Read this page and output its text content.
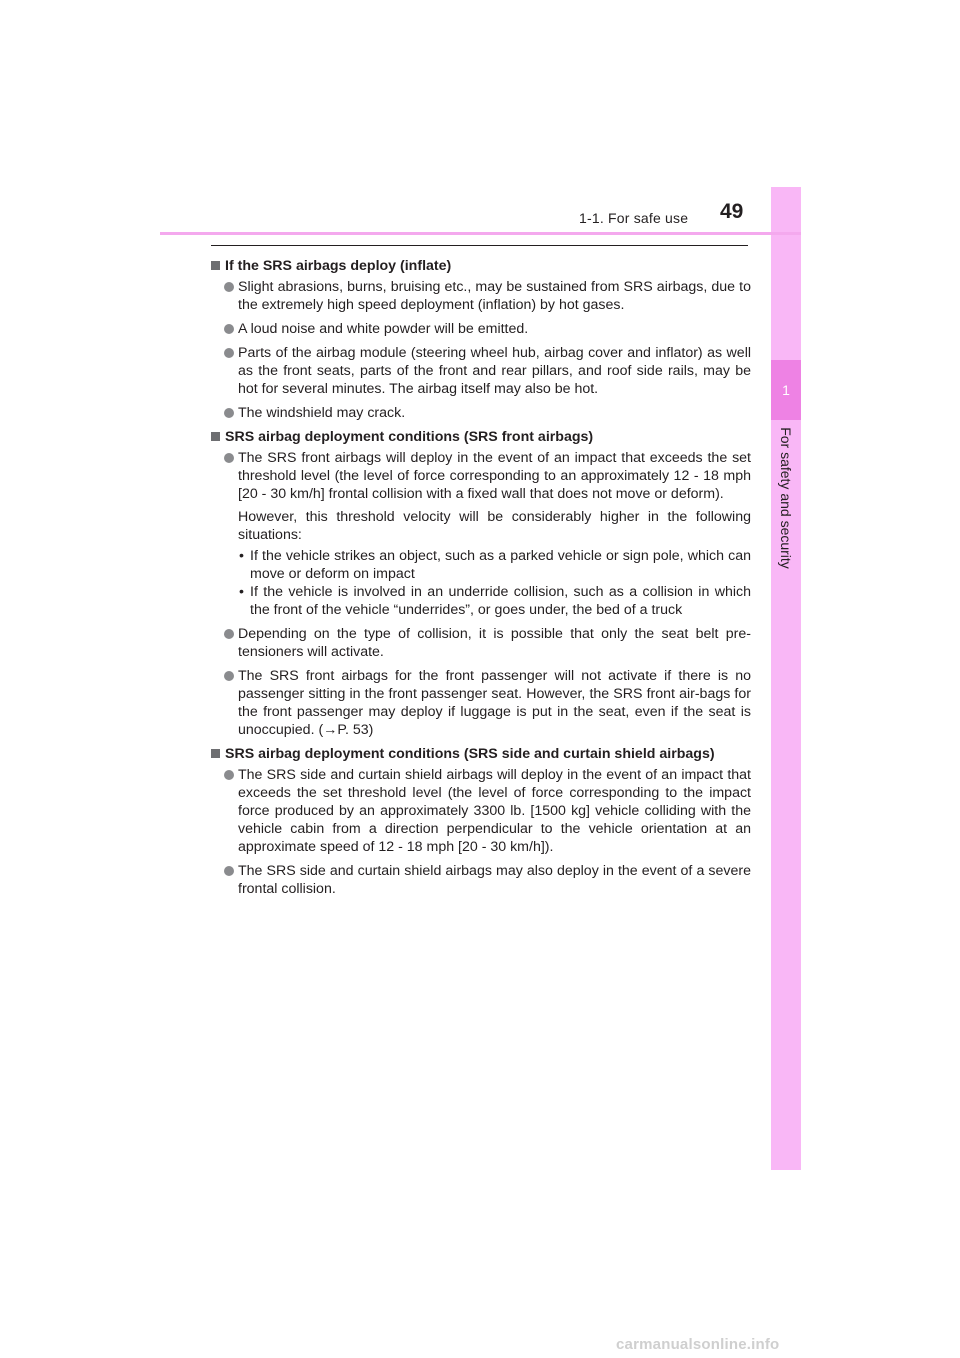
1
For safety and security
1-1. For safe use 49
If the SRS airbags deploy (inflate)
Slight abrasions, burns, bruising etc., may be sustained from SRS airbags, due to the extremely high speed deployment (inflation) by hot gases.
A loud noise and white powder will be emitted.
Parts of the airbag module (steering wheel hub, airbag cover and inflator) as well as the front seats, parts of the front and rear pillars, and roof side rails, may be hot for several minutes. The airbag itself may also be hot.
The windshield may crack.
SRS airbag deployment conditions (SRS front airbags)
The SRS front airbags will deploy in the event of an impact that exceeds the set threshold level (the level of force corresponding to an approximately 12 - 18 mph [20 - 30 km/h] frontal collision with a fixed wall that does not move or deform).
However, this threshold velocity will be considerably higher in the following situations:
• If the vehicle strikes an object, such as a parked vehicle or sign pole, which can move or deform on impact
• If the vehicle is involved in an underride collision, such as a collision in which the front of the vehicle “underrides”, or goes under, the bed of a truck
Depending on the type of collision, it is possible that only the seat belt pre-tensioners will activate.
The SRS front airbags for the front passenger will not activate if there is no passenger sitting in the front passenger seat. However, the SRS front air-bags for the front passenger may deploy if luggage is put in the seat, even if the seat is unoccupied. (→P. 53)
SRS airbag deployment conditions (SRS side and curtain shield airbags)
The SRS side and curtain shield airbags will deploy in the event of an impact that exceeds the set threshold level (the level of force corresponding to the impact force produced by an approximately 3300 lb. [1500 kg] vehicle colliding with the vehicle cabin from a direction perpendicular to the vehicle orientation at an approximate speed of 12 - 18 mph [20 - 30 km/h]).
The SRS side and curtain shield airbags may also deploy in the event of a severe frontal collision.
carmanualsonline.info
